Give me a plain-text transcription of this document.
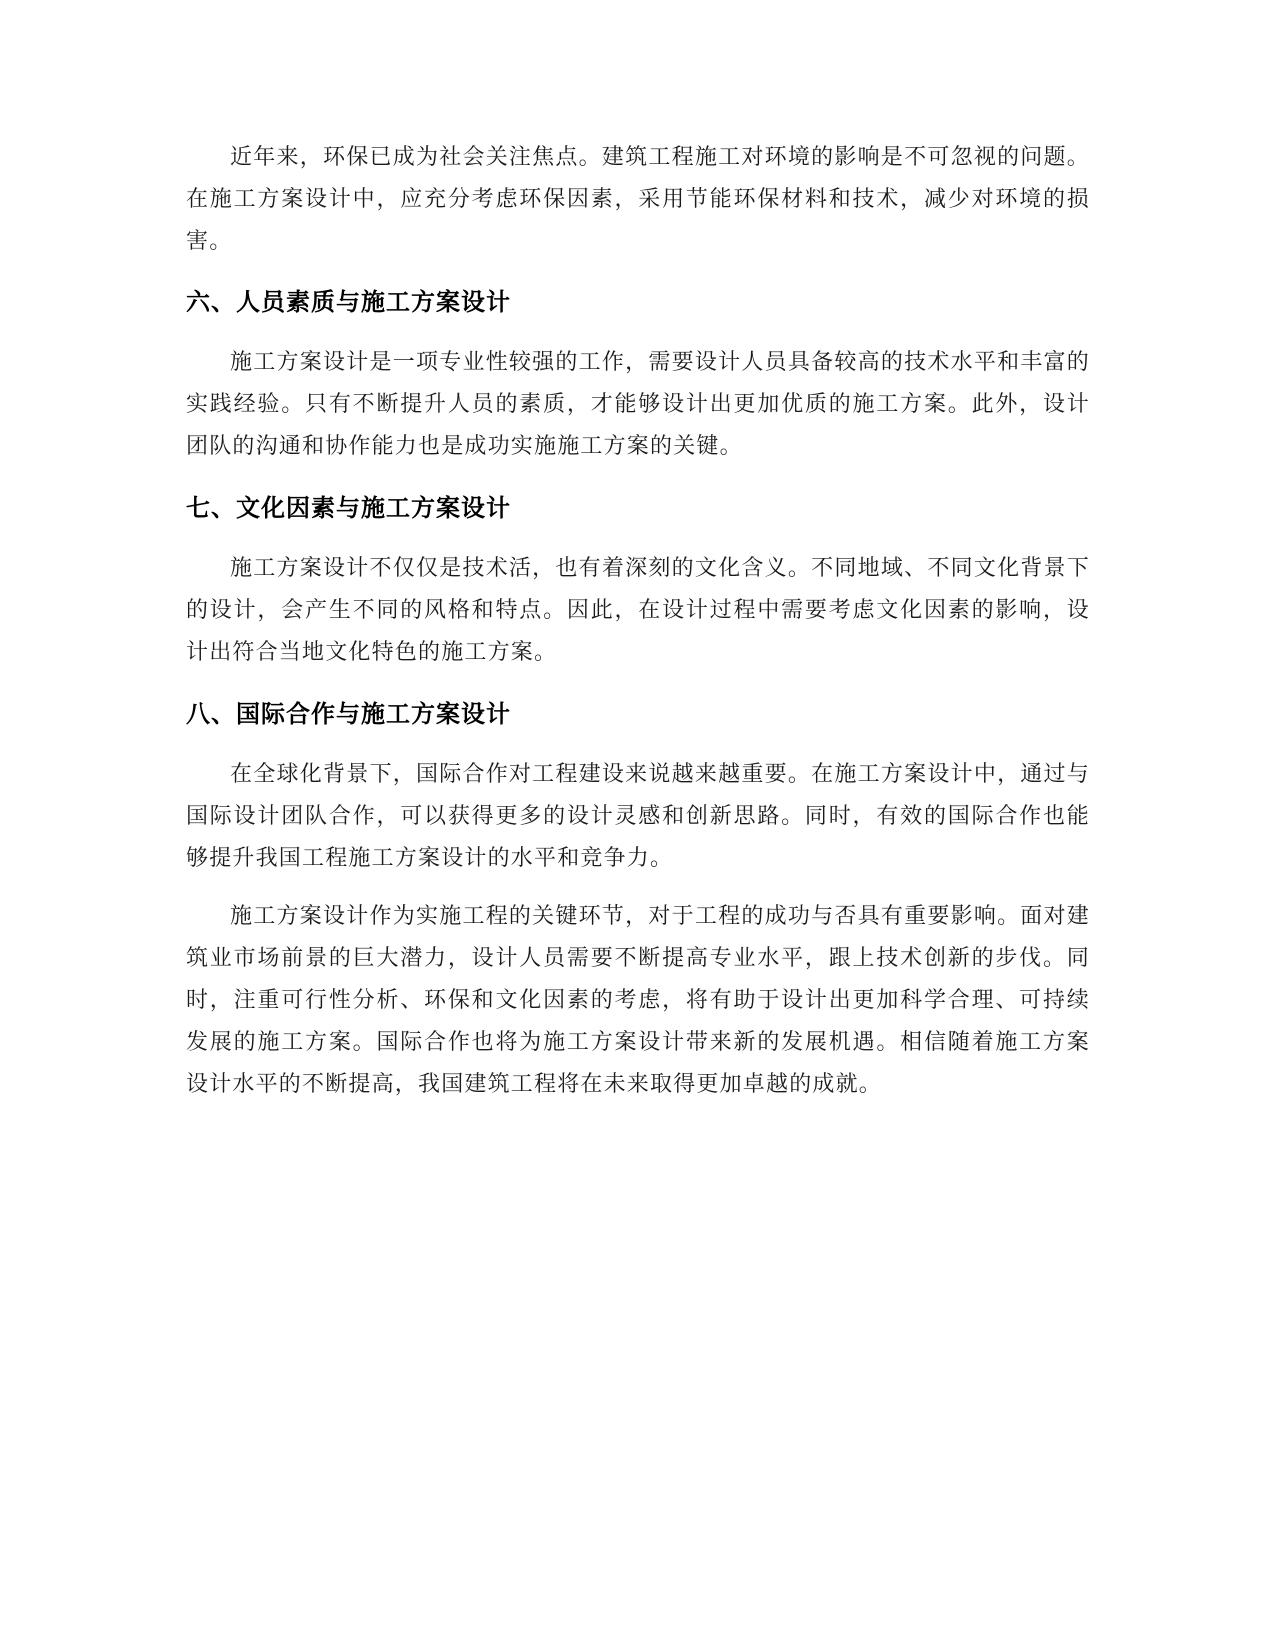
近年来，环保已成为社会关注焦点。建筑工程施工对环境的影响是不可忽视的问题。在施工方案设计中，应充分考虑环保因素，采用节能环保材料和技术，减少对环境的损害。

六、人员素质与施工方案设计

施工方案设计是一项专业性较强的工作，需要设计人员具备较高的技术水平和丰富的实践经验。只有不断提升人员的素质，才能够设计出更加优质的施工方案。此外，设计团队的沟通和协作能力也是成功实施施工方案的关键。

七、文化因素与施工方案设计

施工方案设计不仅仅是技术活，也有着深刻的文化含义。不同地域、不同文化背景下的设计，会产生不同的风格和特点。因此，在设计过程中需要考虑文化因素的影响，设计出符合当地文化特色的施工方案。

八、国际合作与施工方案设计

在全球化背景下，国际合作对工程建设来说越来越重要。在施工方案设计中，通过与国际设计团队合作，可以获得更多的设计灵感和创新思路。同时，有效的国际合作也能够提升我国工程施工方案设计的水平和竞争力。

施工方案设计作为实施工程的关键环节，对于工程的成功与否具有重要影响。面对建筑业市场前景的巨大潜力，设计人员需要不断提高专业水平，跟上技术创新的步伐。同时，注重可行性分析、环保和文化因素的考虑，将有助于设计出更加科学合理、可持续发展的施工方案。国际合作也将为施工方案设计带来新的发展机遇。相信随着施工方案设计水平的不断提高，我国建筑工程将在未来取得更加卓越的成就。
